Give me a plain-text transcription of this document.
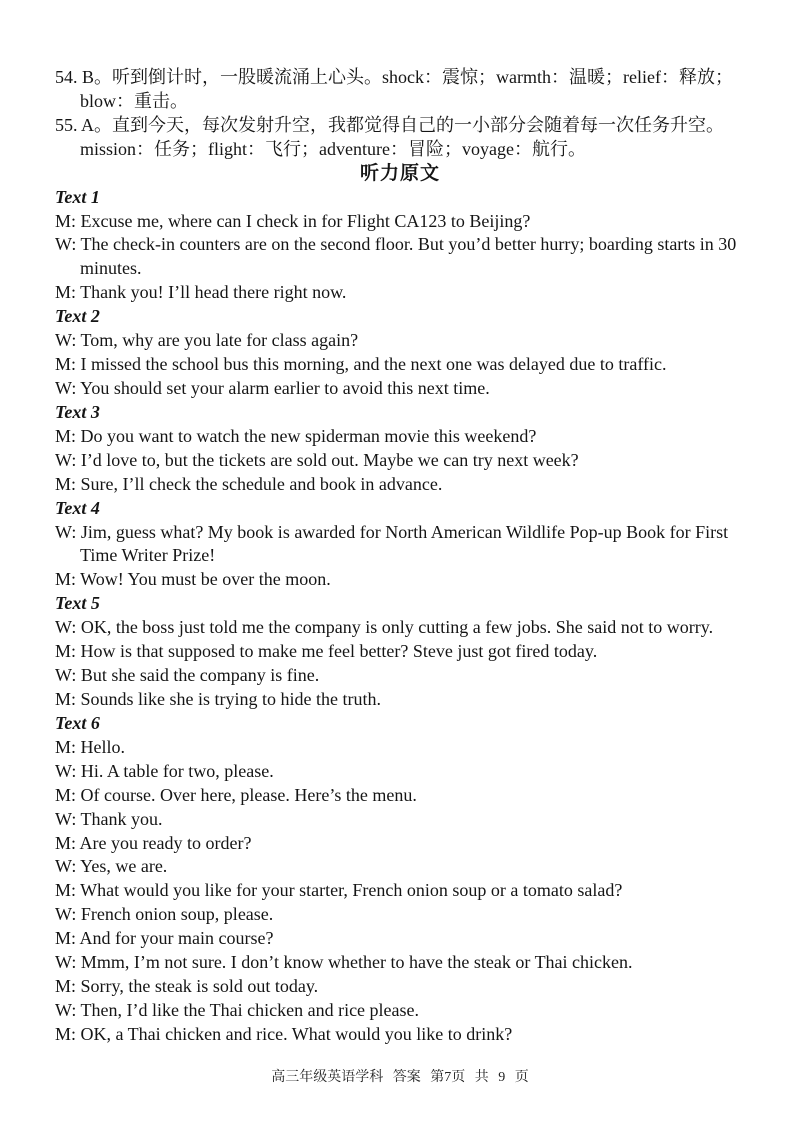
54. B。听到倒计时，一股暖流涌上心头。shock：震惊；warmth：温暖；relief：释放；
blow：重击。
55. A。直到今天，每次发射升空，我都觉得自己的一小部分会随着每一次任务升空。
mission：任务；flight：飞行；adventure：冒险；voyage：航行。
听力原文
Text 1
M: Excuse me, where can I check in for Flight CA123 to Beijing?
W: The check-in counters are on the second floor. But you’d better hurry; boarding starts in 30
minutes.
M: Thank you! I’ll head there right now.
Text 2
W: Tom, why are you late for class again?
M: I missed the school bus this morning, and the next one was delayed due to traffic.
W: You should set your alarm earlier to avoid this next time.
Text 3
M: Do you want to watch the new spiderman movie this weekend?
W: I’d love to, but the tickets are sold out. Maybe we can try next week?
M: Sure, I’ll check the schedule and book in advance.
Text 4
W: Jim, guess what? My book is awarded for North American Wildlife Pop-up Book for First
Time Writer Prize!
M: Wow! You must be over the moon.
Text 5
W: OK, the boss just told me the company is only cutting a few jobs. She said not to worry.
M: How is that supposed to make me feel better? Steve just got fired today.
W: But she said the company is fine.
M: Sounds like she is trying to hide the truth.
Text 6
M: Hello.
W: Hi. A table for two, please.
M: Of course. Over here, please. Here’s the menu.
W: Thank you.
M: Are you ready to order?
W: Yes, we are.
M: What would you like for your starter, French onion soup or a tomato salad?
W: French onion soup, please.
M: And for your main course?
W: Mmm, I’m not sure. I don’t know whether to have the steak or Thai chicken.
M: Sorry, the steak is sold out today.
W: Then, I’d like the Thai chicken and rice please.
M: OK, a Thai chicken and rice. What would you like to drink?
高三年级英语学科 答案 第7页 共 9 页
